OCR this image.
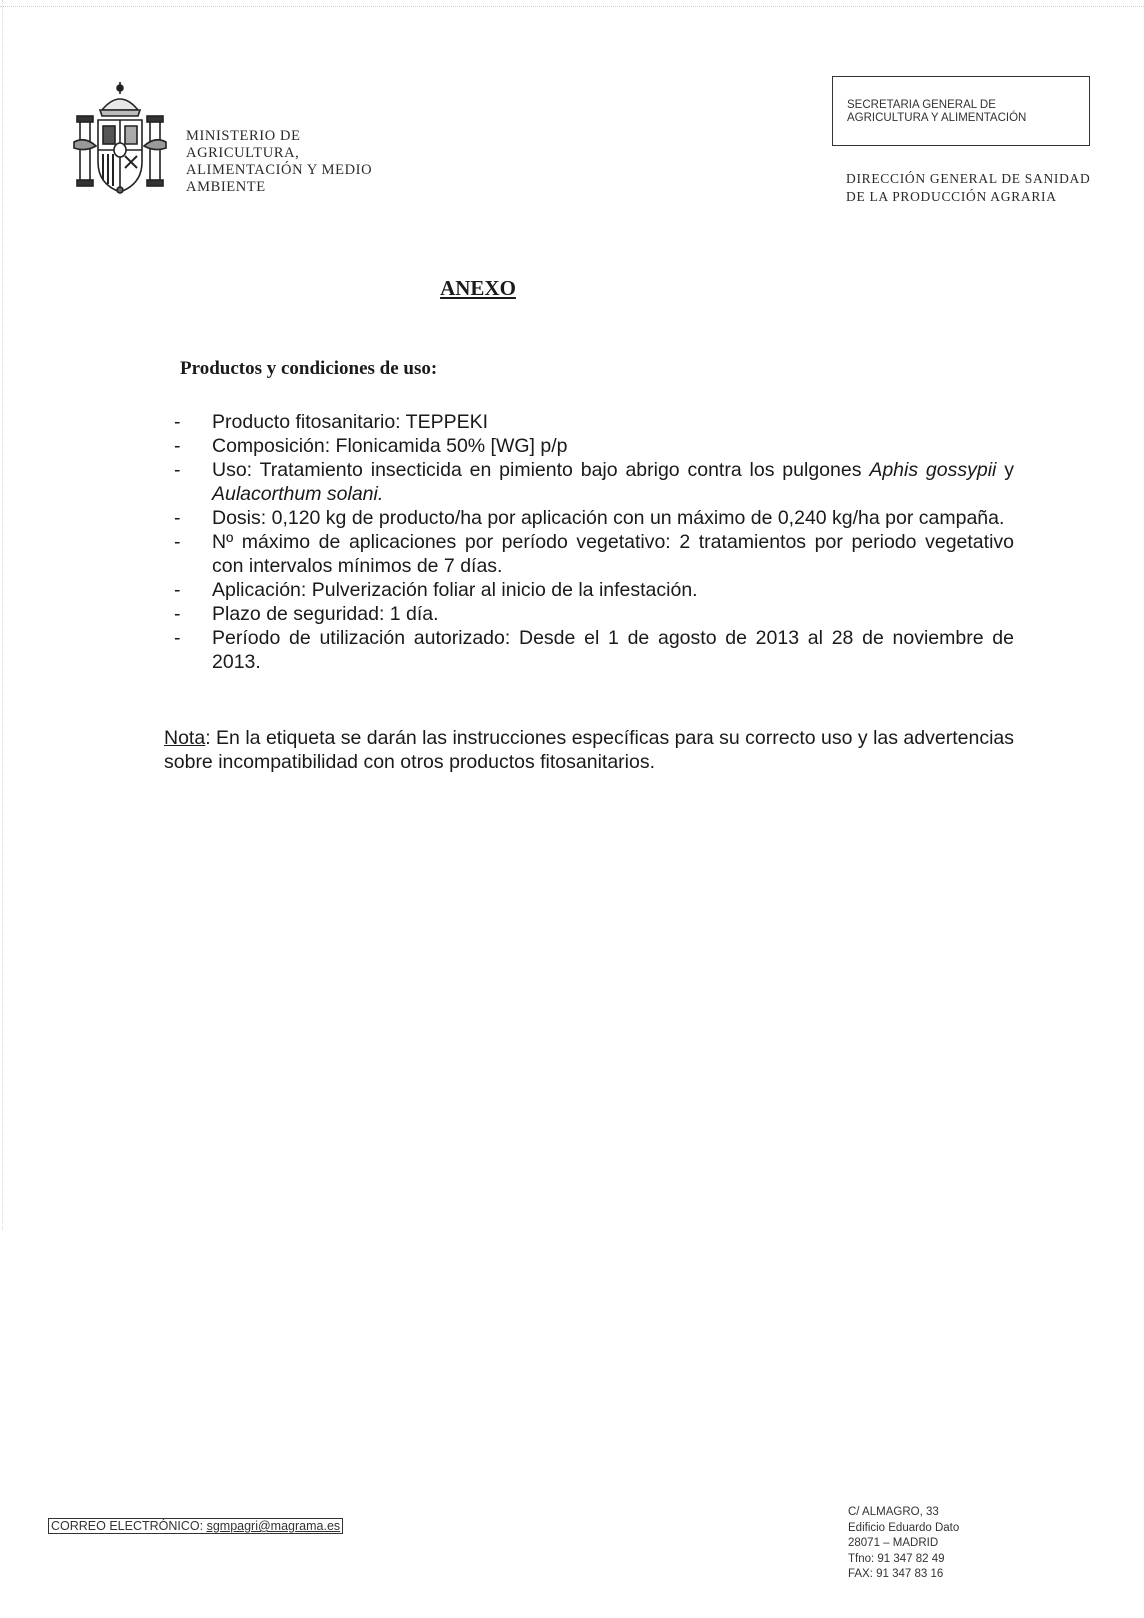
MINISTERIO DE
AGRICULTURA,
ALIMENTACIÓN Y MEDIO
AMBIENTE
SECRETARIA GENERAL DE
AGRICULTURA Y ALIMENTACIÓN
DIRECCIÓN GENERAL DE SANIDAD
DE LA PRODUCCIÓN AGRARIA
ANEXO
Productos y condiciones de uso:
- Producto fitosanitario: TEPPEKI
- Composición: Flonicamida 50% [WG] p/p
- Uso: Tratamiento insecticida en pimiento bajo abrigo contra los pulgones Aphis gossypii y Aulacorthum solani.
- Dosis: 0,120 kg de producto/ha por aplicación con un máximo de 0,240 kg/ha por campaña.
- Nº máximo de aplicaciones por período vegetativo: 2 tratamientos por periodo vegetativo con intervalos mínimos de 7 días.
- Aplicación: Pulverización foliar al inicio de la infestación.
- Plazo de seguridad: 1 día.
- Período de utilización autorizado: Desde el 1 de agosto de 2013 al 28 de noviembre de 2013.
Nota: En la etiqueta se darán las instrucciones específicas para su correcto uso y las advertencias sobre incompatibilidad con otros productos fitosanitarios.
CORREO ELECTRÓNICO: sgmpagri@magrama.es
C/ ALMAGRO, 33
Edificio Eduardo Dato
28071 – MADRID
Tfno: 91 347 82 49
FAX: 91 347 83 16
